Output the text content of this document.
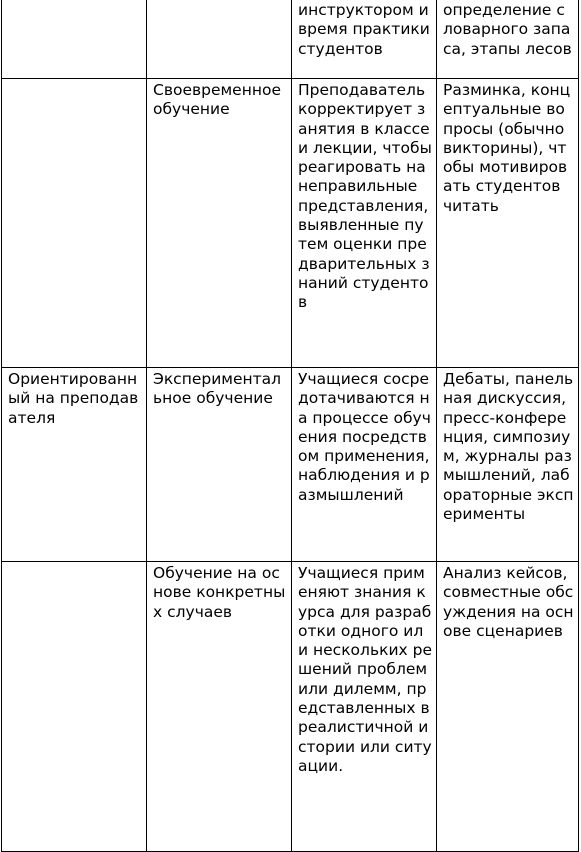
		инструктором и время практики студентов	определение словарного запаса, этапы лесов
	Своевременное обучение	Преподаватель корректирует занятия в классе и лекции, чтобы реагировать на неправильные представления, выявленные путем оценки предварительных знаний студентов	Разминка, концептуальные вопросы (обычно викторины), чтобы мотивировать студентов читать
Ориентированный на преподавателя	Экспериментальное обучение	Учащиеся сосредотачиваются на процессе обучения посредством применения, наблюдения и размышлений	Дебаты, панельная дискуссия, пресс-конференция, симпозиум, журналы размышлений, лабораторные эксперименты
	Обучение на основе конкретных случаев	Учащиеся применяют знания курса для разработки одного или нескольких решений проблем или дилемм, представленных в реалистичной истории или ситуации.	Анализ кейсов, совместные обсуждения на основе сценариев
